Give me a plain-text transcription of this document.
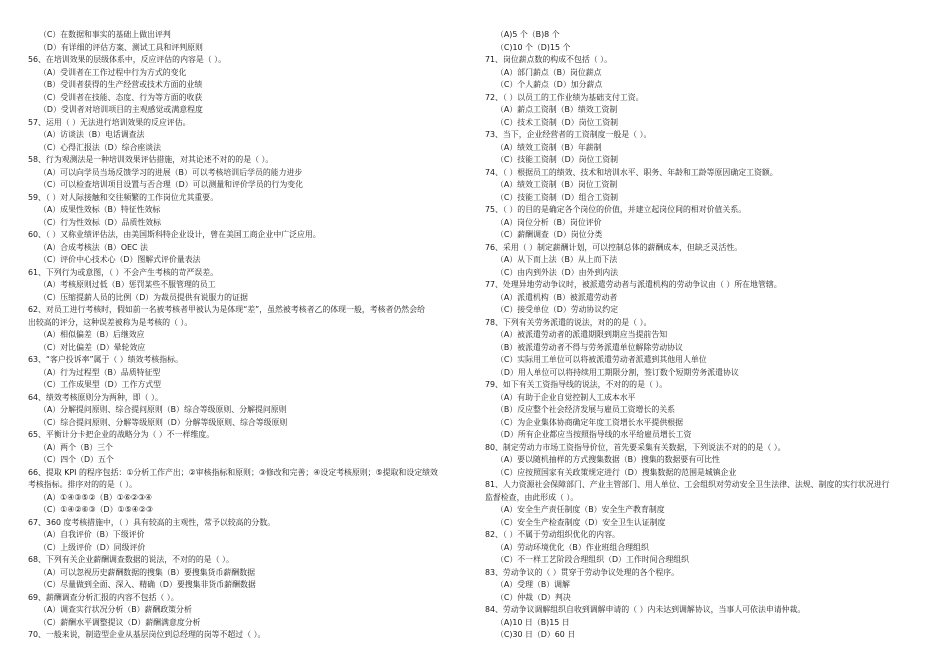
（C）在数据和事实的基础上做出评判
（D）有详细的评估方案、测试工具和评判原则
56、在培训效果的层级体系中，反应评估的内容是（ ）。
（A）受训者在工作过程中行为方式的变化
（B）受训者获得的生产经营或技术方面的业绩
（C）受训者在技能、态度、行为等方面的收获
（D）受训者对培训项目的主观感觉或满意程度
57、运用（ ）无法进行培训效果的反应评估。
（A）访谈法（B）电话调查法
（C）心得汇报法（D）综合座谈法
58、行为观测法是一种培训效果评估措施，对其论述不对的的是（ ）。
（A）可以向学员当场反馈学习的进展（B）可以考核培训后学员的能力进步
（C）可以检查培训项目设置与否合理（D）可以测量和评价学员的行为变化
59、（ ）对人际接触和交往频繁的工作岗位尤其重要。
（A）成果性效标（B）特征性效标
（C）行为性效标（D）品质性效标
60、（ ）又称业绩评估法，由美国斯科特企业设计，曾在美国工商企业中广泛应用。
（A）合成考核法（B）OEC 法
（C）评价中心技术心（D）图解式评价量表法
61、下列行为或意图，（ ）不会产生考核的苛严误差。
（A）考核原则过低（B）惩罚某些不服管理的员工
（C）压缩提薪人员的比例（D）为裁员提供有说服力的证据
62、对员工进行考核时，假如前一名被考核者甲被认为是体现“差”，虽然被考核者乙的体现一般，考核者仍然会给
出较高的评分，这种误差被称为是考核的（ ）。
（A）相似偏差（B）后继效应
（C）对比偏差（D）晕轮效应
63、“客户投诉率”属于（ ）绩效考核指标。
（A）行为过程型（B）品质特征型
（C）工作成果型（D）工作方式型
64、绩效考核原则分为两种，即（ ）。
（A）分解提问原则、综合提问原则（B）综合等级原则、分解提问原则
（C）综合提问原则、分解等级原则（D）分解等级原则、综合等级原则
65、平衡计分卡把企业的战略分为（ ）不一样维度。
（A）两个（B）三个
（C）四个（D）五个
66、提取 KPI 的程序包括：①分析工作产出；②审核指标和原则；③修改和完善；④设定考核原则；⑤提取和设定绩效
考核指标。排序对的的是（ ）。
（A）①④③⑤②（B）①⑥②③④
（C）①④②⑥③（D）①⑤④②③
67、360 度考核措施中，（ ）具有较高的主观性，常予以较高的分数。
（A）自我评价（B）下级评价
（C）上级评价（D）同级评价
68、下列有关企业薪酬调查数据的说法，不对的的是（ ）。
（A）可以忽视历史薪酬数据的搜集（B）要搜集货币薪酬数据
（C）尽量做到全面、深入、精确（D）要搜集非货币薪酬数据
69、薪酬调查分析汇报的内容不包括（ ）。
（A）调查实行状况分析（B）薪酬政策分析
（C）薪酬水平调整提议（D）薪酬满意度分析
70、一般来说，制造型企业从基层岗位到总经理的岗等不超过（ ）。
（A)5 个（B)8 个
（C)10 个（D)15 个
71、岗位薪点数的构成不包括（ ）。
（A）部门薪点（B）岗位薪点
（C）个人薪点（D）加分薪点
72、（ ）以员工的工作业绩为基础支付工资。
（A）薪点工资制（B）绩效工资制
（C）技术工资制（D）岗位工资制
73、当下，企业经营者的工资制度一般是（ ）。
（A）绩效工资制（B）年薪制
（C）技能工资制（D）岗位工资制
74、（ ）根据员工的绩效、技术和培训水平、职务、年龄和工龄等原因确定工资额。
（A）绩效工资制（B）岗位工资制
（C）技能工资制（D）组合工资制
75、（ ）的目的是确定各个岗位的价值，并建立起岗位间的相对价值关系。
（A）岗位分析（B）岗位评价
（C）薪酬调查（D）岗位分类
76、采用（ ）制定薪酬计划，可以控制总体的薪酬成本，但缺乏灵活性。
（A）从下而上法（B）从上而下法
（C）由内到外法（D）由外到内法
77、处理异地劳动争议时，被派遣劳动者与派遣机构的劳动争议由（ ）所在地管辖。
（A）派遣机构（B）被派遣劳动者
（C）接受单位（D）劳动协议约定
78、下列有关劳务派遣的说法，对的的是（ ）。
（A）被派遣劳动者的派遣期限到期应当提前告知
（B）被派遣劳动者不得与劳务派遣单位解除劳动协议
（C）实际用工单位可以将被派遣劳动者派遣到其他用人单位
（D）用人单位可以将持续用工期限分割，签订数个短期劳务派遣协议
79、如下有关工资指导线的说法，不对的的是（ ）。
（A）有助于企业自觉控制人工成本水平
（B）反应整个社会经济发展与雇员工资增长的关系
（C）为企业集体协商确定年度工资增长水平提供根据
（D）所有企业都应当按照指导线的水平给雇员增长工资
80、制定劳动力市场工资指导价位，首先要采集有关数据，下列说法不对的的是（ ）。
（A）要以随机抽样的方式搜集数据（B）搜集的数据要有可比性
（C）应按照国家有关政策规定进行（D）搜集数据的范围是城镇企业
81、人力资源社会保障部门、产业主管部门、用人单位、工会组织对劳动安全卫生法律、法规、制度的实行状况进行
监督检查，由此形成（ ）。
（A）安全生产责任制度（B）安全生产教育制度
（C）安全生产检查制度（D）安全卫生认证制度
82、（ ）不属于劳动组织优化的内容。
（A）劳动环境优化（B）作业班组合理组织
（C）不一样工艺阶段合理组织（D）工作时间合理组织
83、劳动争议的（ ）贯穿于劳动争议处理的各个程序。
（A）受理（B）调解
（C）仲裁（D）判决
84、劳动争议调解组织自收到调解申请的（ ）内未达到调解协议，当事人可依法申请仲裁。
（A)10 日（B)15 日
（C)30 日（D）60 日
